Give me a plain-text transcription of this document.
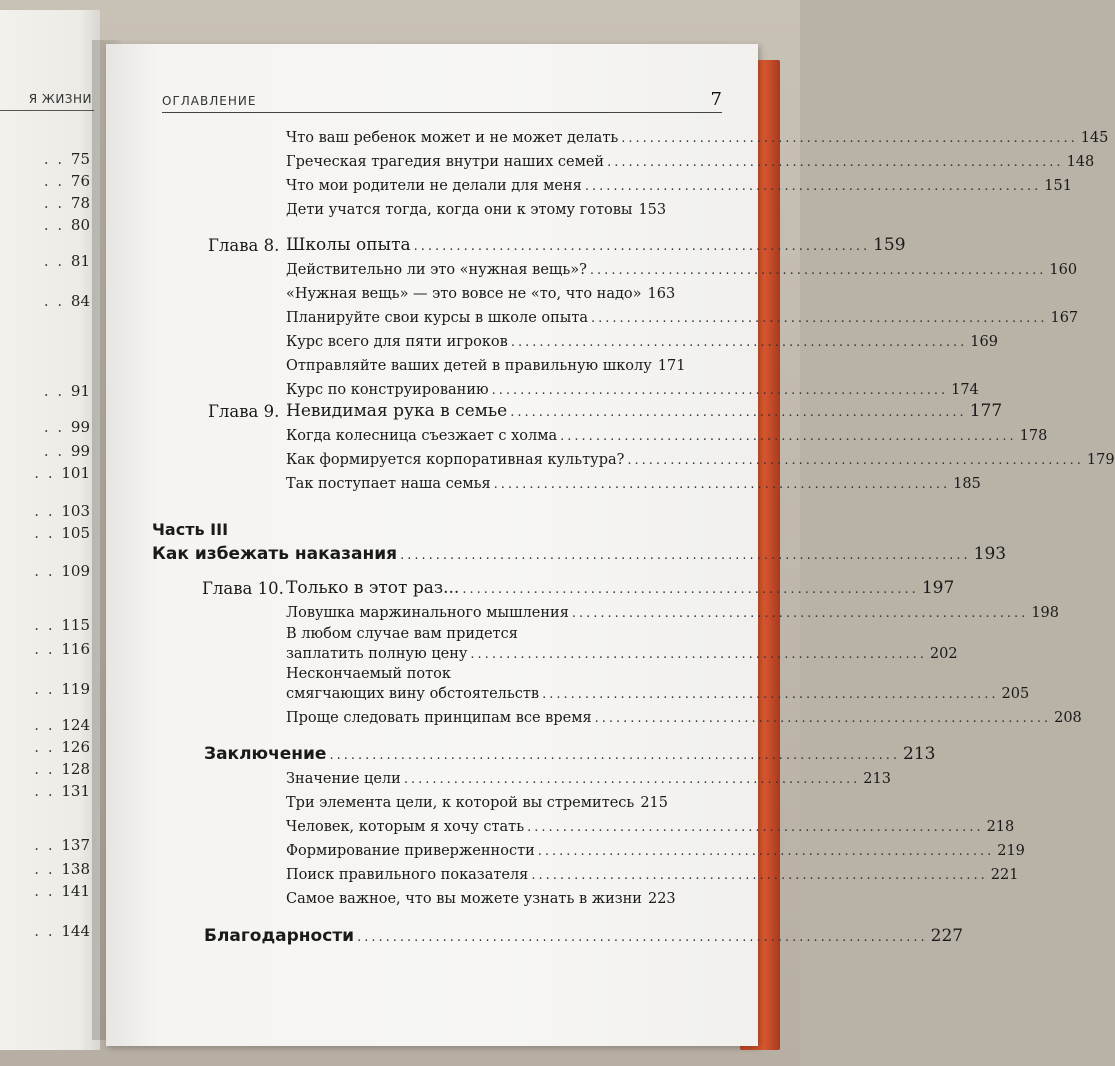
Я ЖИЗНИ
. . 75
. . 76
. . 78
. . 80
. . 81
. . 84
. . 91
. . 99
. . 99
. . 101
. . 103
. . 105
. . 109
. . 115
. . 116
. . 119
. . 124
. . 126
. . 128
. . 131
. . 137
. . 138
. . 141
. . 144
ОГЛАВЛЕНИЕ	7
Что ваш ребенок может и не может делать ................................................................ 145
Греческая трагедия внутри наших семей ................................................................ 148
Что мои родители не делали для меня ................................................................ 151
Дети учатся тогда, когда они к этому готовы 153
Глава 8. Школы опыта ................................................................ 159
Действительно ли это «нужная вещь»? ................................................................ 160
«Нужная вещь» — это вовсе не «то, что надо» 163
Планируйте свои курсы в школе опыта ................................................................ 167
Курс всего для пяти игроков ................................................................ 169
Отправляйте ваших детей в правильную школу 171
Курс по конструированию ................................................................ 174
Глава 9. Невидимая рука в семье ................................................................ 177
Когда колесница съезжает с холма ................................................................ 178
Как формируется корпоративная культура? ................................................................ 179
Так поступает наша семья ................................................................ 185
Часть III
Как избежать наказания ................................................................................ 193
Глава 10. Только в этот раз... ................................................................ 197
Ловушка маржинального мышления ................................................................ 198
В любом случае вам придется
заплатить полную цену ................................................................ 202
Нескончаемый поток
смягчающих вину обстоятельств ................................................................ 205
Проще следовать принципам все время ................................................................ 208
Заключение ................................................................................ 213
Значение цели ................................................................ 213
Три элемента цели, к которой вы стремитесь 215
Человек, которым я хочу стать ................................................................ 218
Формирование приверженности ................................................................ 219
Поиск правильного показателя ................................................................ 221
Самое важное, что вы можете узнать в жизни 223
Благодарности ................................................................................ 227
